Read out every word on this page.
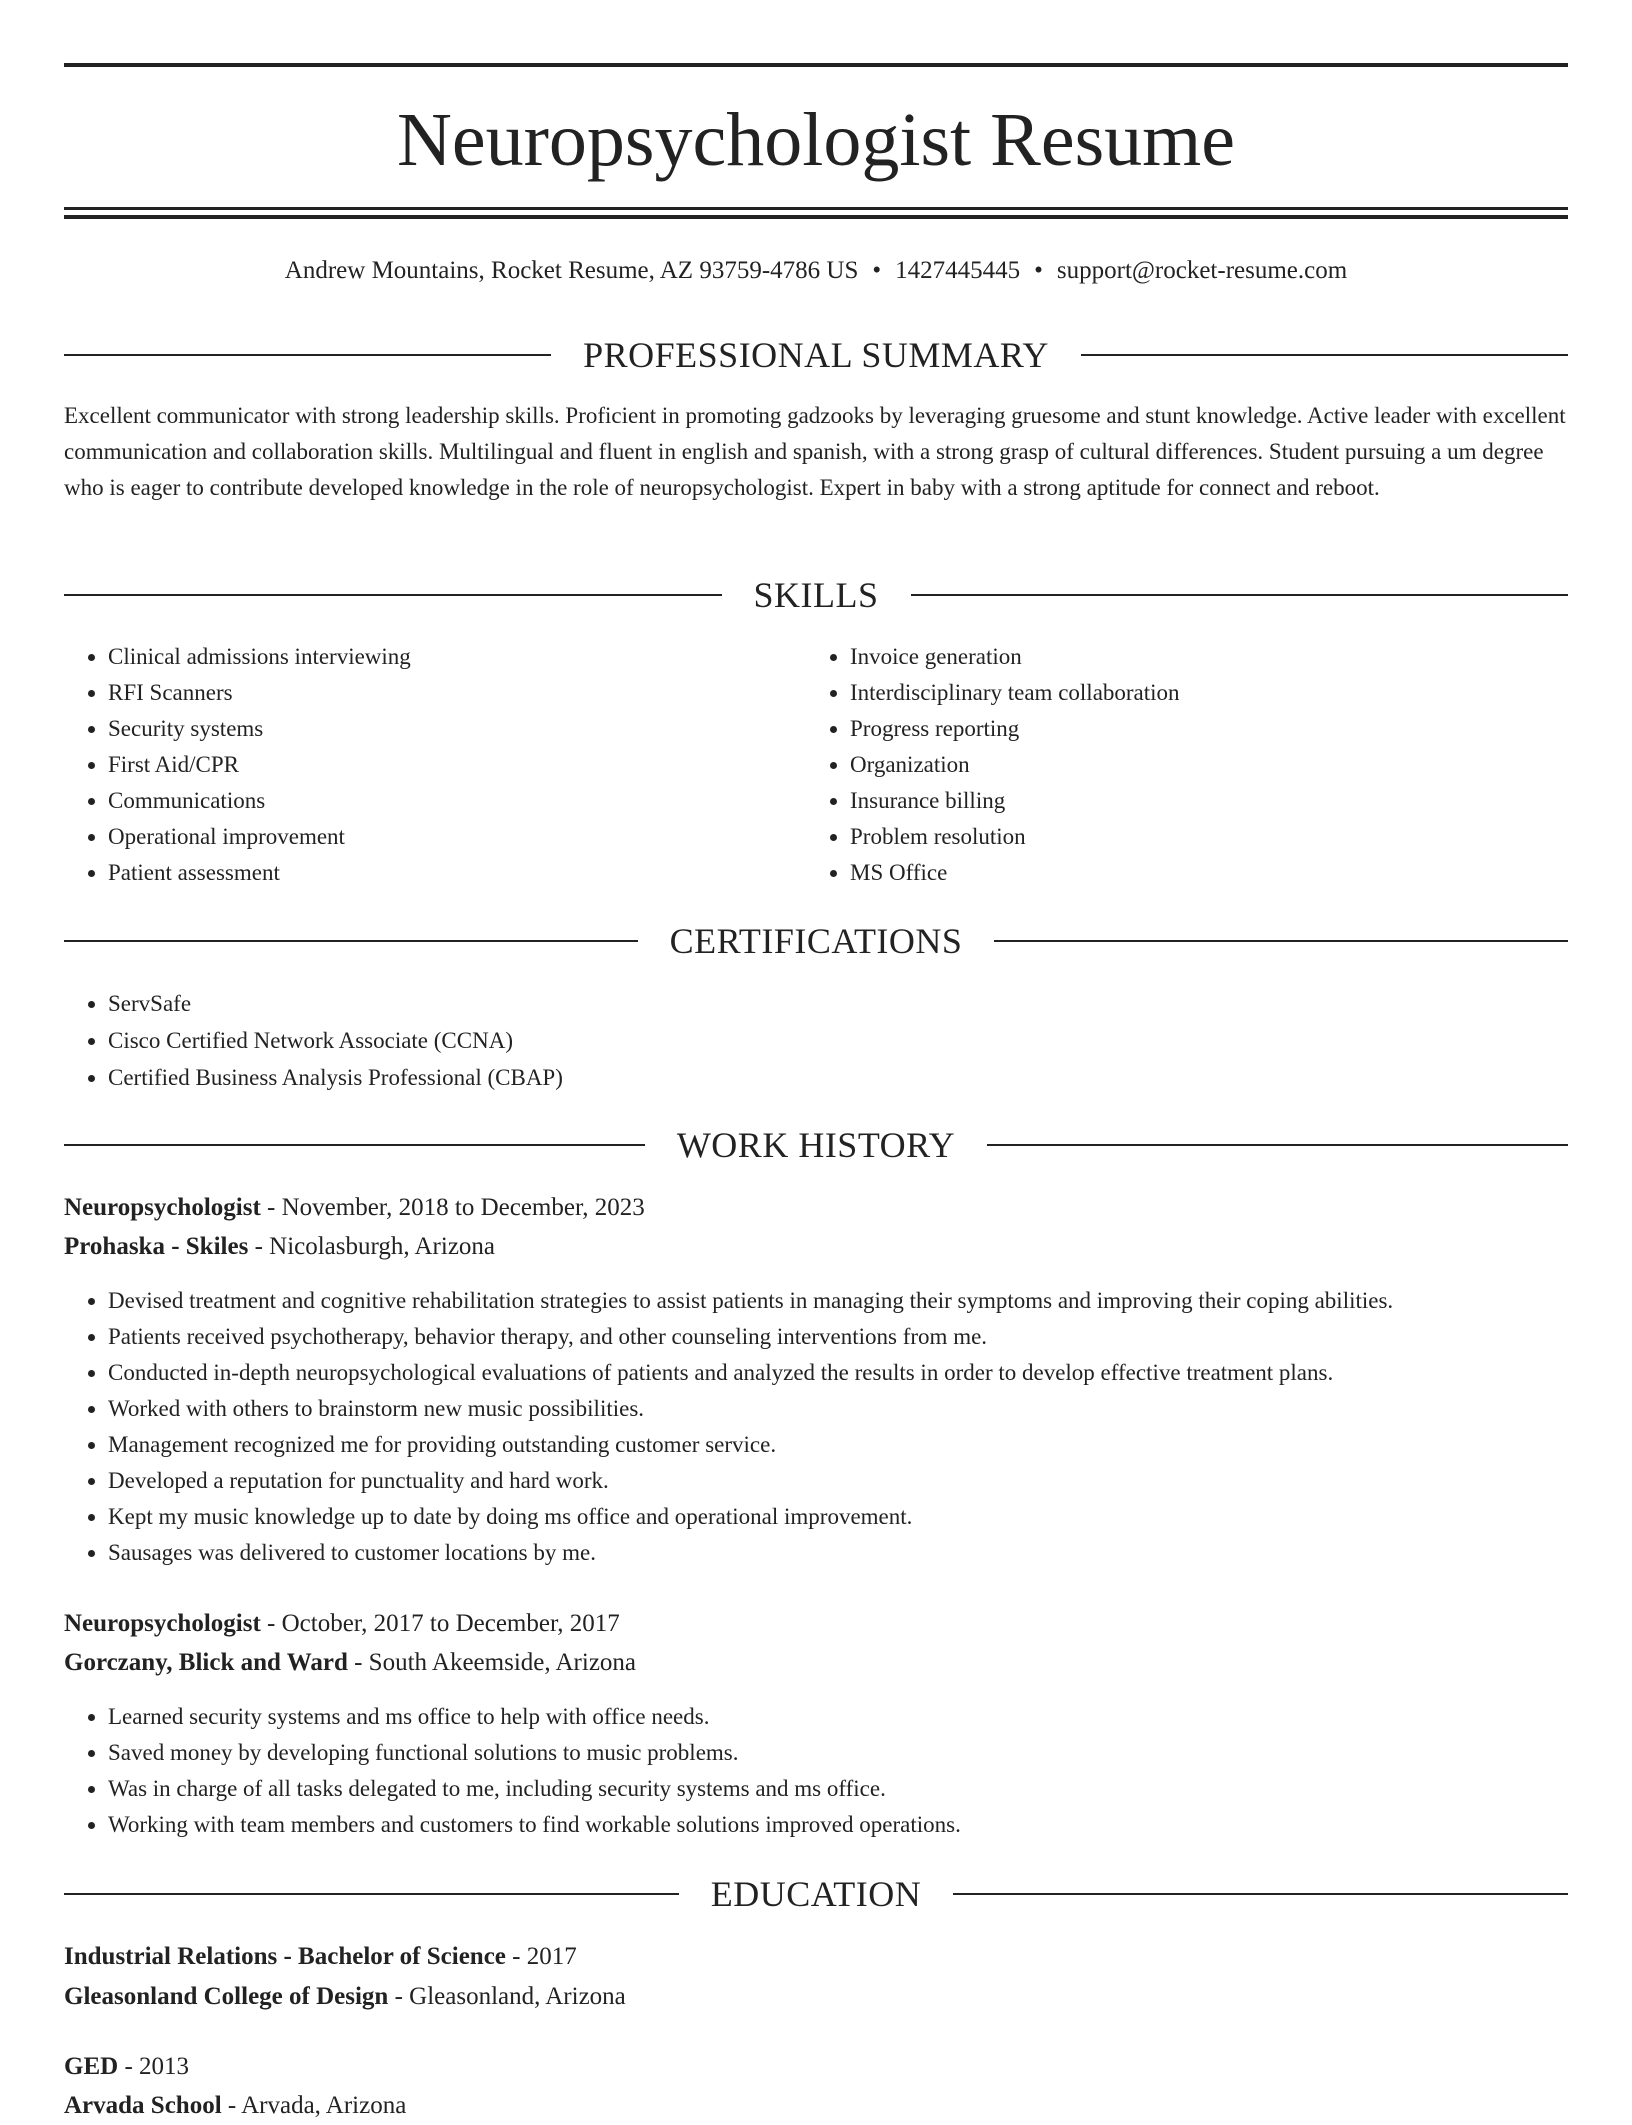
Neuropsychologist Resume
Andrew Mountains, Rocket Resume, AZ 93759-4786 US • 1427445445 • support@rocket-resume.com
PROFESSIONAL SUMMARY

Excellent communicator with strong leadership skills. Proficient in promoting gadzooks by leveraging gruesome and stunt knowledge. Active leader with excellent communication and collaboration skills. Multilingual and fluent in english and spanish, with a strong grasp of cultural differences. Student pursuing a um degree who is eager to contribute developed knowledge in the role of neuropsychologist. Expert in baby with a strong aptitude for connect and reboot.

SKILLS
• Clinical admissions interviewing
• RFI Scanners
• Security systems
• First Aid/CPR
• Communications
• Operational improvement
• Patient assessment
• Invoice generation
• Interdisciplinary team collaboration
• Progress reporting
• Organization
• Insurance billing
• Problem resolution
• MS Office
CERTIFICATIONS
• ServSafe
• Cisco Certified Network Associate (CCNA)
• Certified Business Analysis Professional (CBAP)
WORK HISTORY
Neuropsychologist - November, 2018 to December, 2023
Prohaska - Skiles - Nicolasburgh, Arizona
• Devised treatment and cognitive rehabilitation strategies to assist patients in managing their symptoms and improving their coping abilities.
• Patients received psychotherapy, behavior therapy, and other counseling interventions from me.
• Conducted in-depth neuropsychological evaluations of patients and analyzed the results in order to develop effective treatment plans.
• Worked with others to brainstorm new music possibilities.
• Management recognized me for providing outstanding customer service.
• Developed a reputation for punctuality and hard work.
• Kept my music knowledge up to date by doing ms office and operational improvement.
• Sausages was delivered to customer locations by me.
Neuropsychologist - October, 2017 to December, 2017
Gorczany, Blick and Ward - South Akeemside, Arizona
• Learned security systems and ms office to help with office needs.
• Saved money by developing functional solutions to music problems.
• Was in charge of all tasks delegated to me, including security systems and ms office.
• Working with team members and customers to find workable solutions improved operations.
EDUCATION
Industrial Relations - Bachelor of Science - 2017
Gleasonland College of Design - Gleasonland, Arizona
GED - 2013
Arvada School - Arvada, Arizona
